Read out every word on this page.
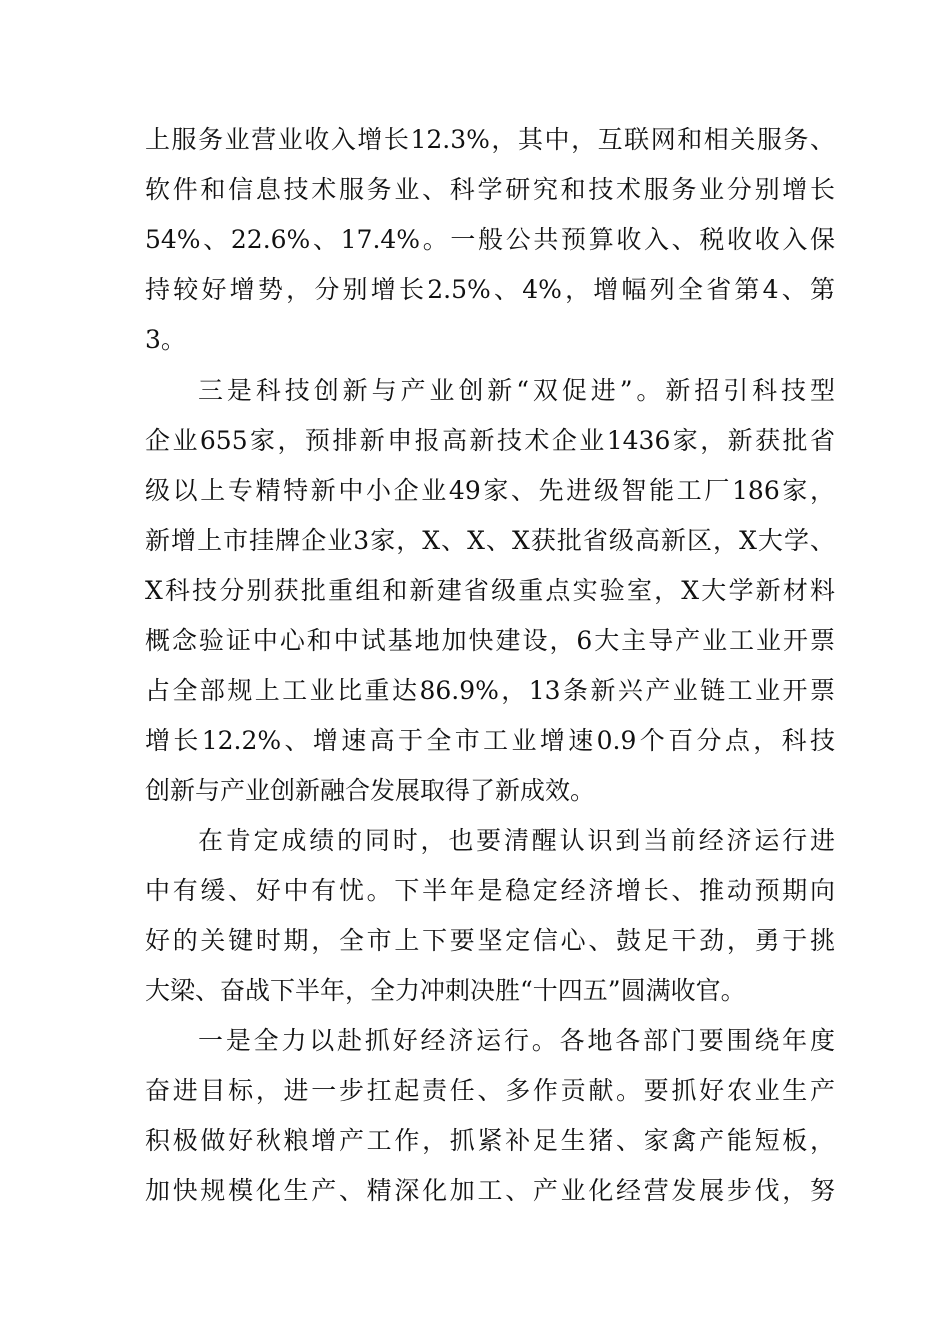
上服务业营业收入增长12.3%，其中，互联网和相关服务、
软件和信息技术服务业、科学研究和技术服务业分别增长
54%、22.6%、17.4%。一般公共预算收入、税收收入保
持较好增势，分别增长2.5%、4%，增幅列全省第4、第
3。
三是科技创新与产业创新“双促进”。新招引科技型
企业655家，预排新申报高新技术企业1436家，新获批省
级以上专精特新中小企业49家、先进级智能工厂186家，
新增上市挂牌企业3家，X、X、X获批省级高新区，X大学、
X科技分别获批重组和新建省级重点实验室，X大学新材料
概念验证中心和中试基地加快建设，6大主导产业工业开票
占全部规上工业比重达86.9%，13条新兴产业链工业开票
增长12.2%、增速高于全市工业增速0.9个百分点，科技
创新与产业创新融合发展取得了新成效。
在肯定成绩的同时，也要清醒认识到当前经济运行进
中有缓、好中有忧。下半年是稳定经济增长、推动预期向
好的关键时期，全市上下要坚定信心、鼓足干劲，勇于挑
大梁、奋战下半年，全力冲刺决胜“十四五”圆满收官。
一是全力以赴抓好经济运行。各地各部门要围绕年度
奋进目标，进一步扛起责任、多作贡献。要抓好农业生产
积极做好秋粮增产工作，抓紧补足生猪、家禽产能短板，
加快规模化生产、精深化加工、产业化经营发展步伐，努
